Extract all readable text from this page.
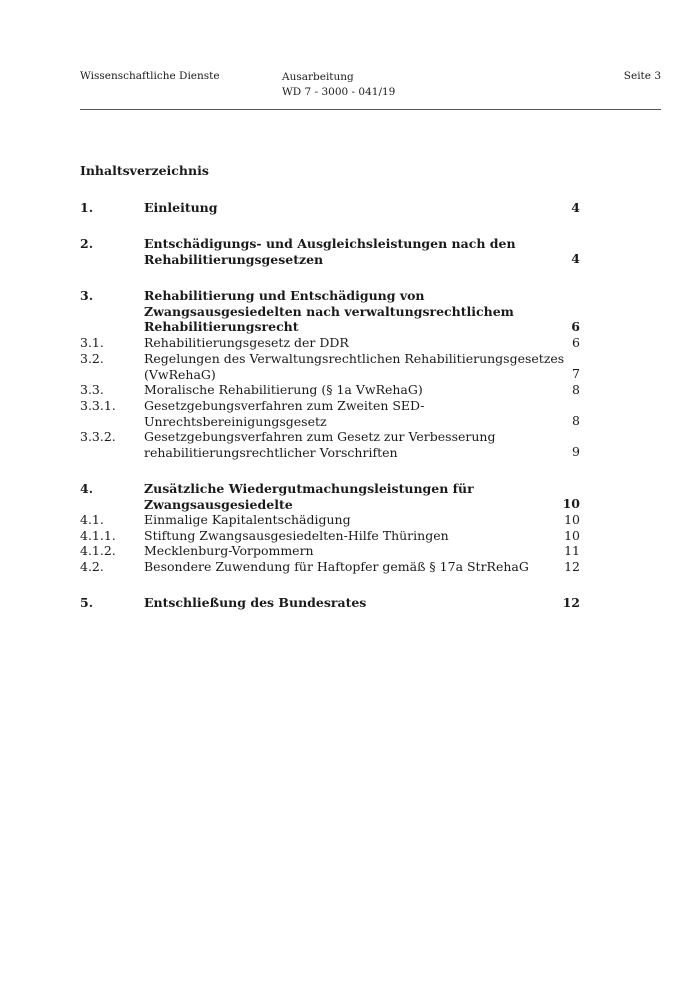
Wissenschaftliche Dienste	Ausarbeitung
WD 7 - 3000 - 041/19
Seite 3
Inhaltsverzeichnis
1.	Einleitung	4
2.	Entschädigungs- und Ausgleichsleistungen nach den
Rehabilitierungsgesetzen	4
3.	Rehabilitierung und Entschädigung von
Zwangsausgesiedelten nach verwaltungsrechtlichem
Rehabilitierungsrecht	6
3.1.	Rehabilitierungsgesetz der DDR	6
3.2.	Regelungen des Verwaltungsrechtlichen Rehabilitierungsgesetzes
(VwRehaG)	7
3.3.	Moralische Rehabilitierung (§ 1a VwRehaG)	8
3.3.1. Gesetzgebungsverfahren zum Zweiten SED-
Unrechtsbereinigungsgesetz	8
3.3.2. Gesetzgebungsverfahren zum Gesetz zur Verbesserung
rehabilitierungsrechtlicher Vorschriften	9
4.	Zusätzliche Wiedergutmachungsleistungen für
Zwangsausgesiedelte	10
4.1.	Einmalige Kapitalentschädigung	10
4.1.1. Stiftung Zwangsausgesiedelten-Hilfe Thüringen	10
4.1.2. Mecklenburg-Vorpommern	11
4.2.	Besondere Zuwendung für Haftopfer gemäß § 17a StrRehaG	12
5.	Entschließung des Bundesrates	12
